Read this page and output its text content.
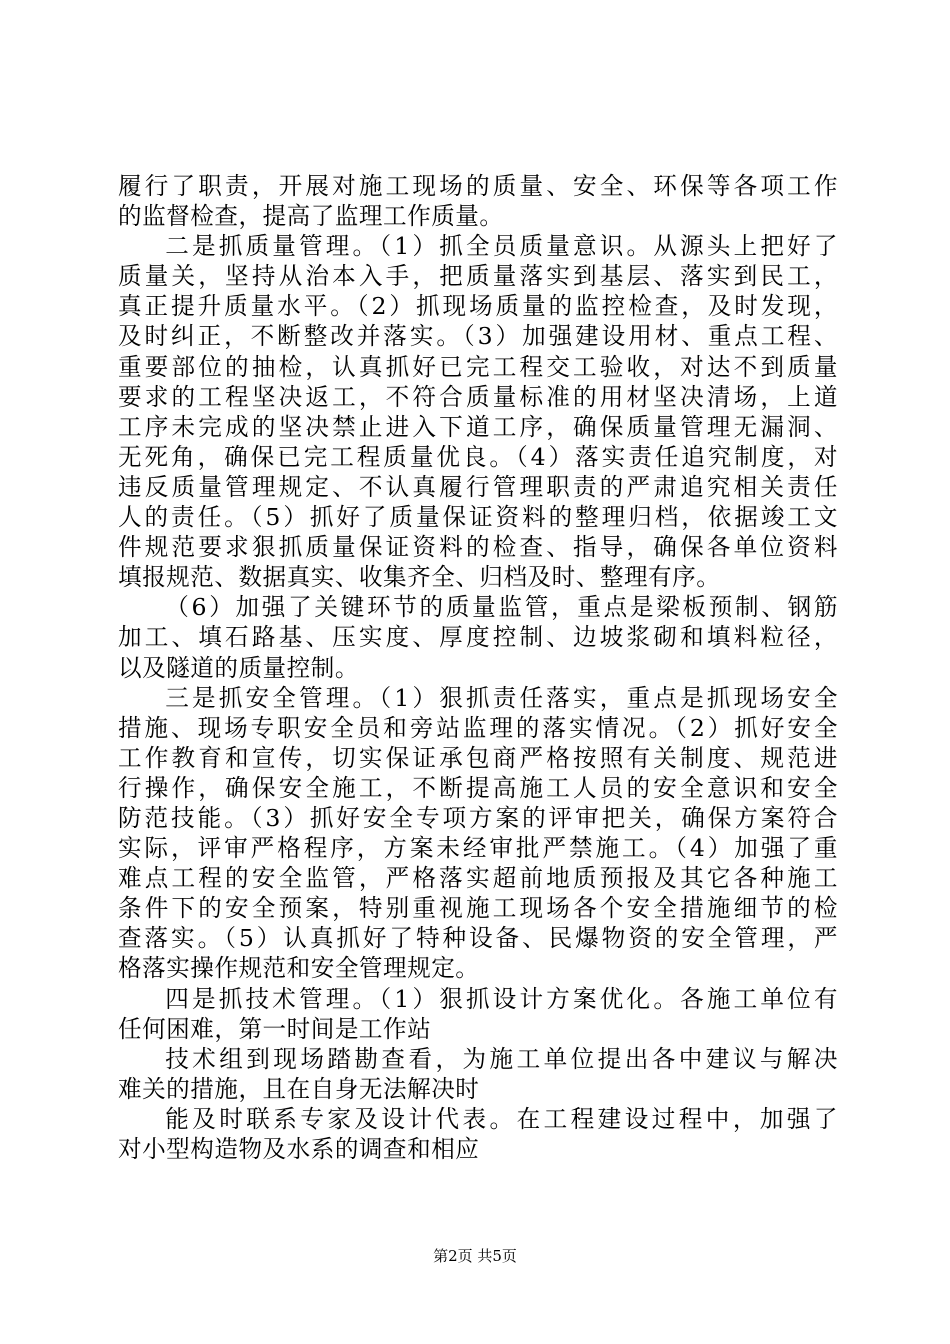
履行了职责，开展对施工现场的质量、安全、环保等各项工作
的监督检查，提高了监理工作质量。
二是抓质量管理。（1）抓全员质量意识。从源头上把好了
质量关，坚持从治本入手，把质量落实到基层、落实到民工，
真正提升质量水平。（2）抓现场质量的监控检查，及时发现，
及时纠正，不断整改并落实。（3）加强建设用材、重点工程、
重要部位的抽检，认真抓好已完工程交工验收，对达不到质量
要求的工程坚决返工，不符合质量标准的用材坚决清场，上道
工序未完成的坚决禁止进入下道工序，确保质量管理无漏洞、
无死角，确保已完工程质量优良。（4）落实责任追究制度，对
违反质量管理规定、不认真履行管理职责的严肃追究相关责任
人的责任。（5）抓好了质量保证资料的整理归档，依据竣工文
件规范要求狠抓质量保证资料的检查、指导，确保各单位资料
填报规范、数据真实、收集齐全、归档及时、整理有序。
（6）加强了关键环节的质量监管，重点是梁板预制、钢筋
加工、填石路基、压实度、厚度控制、边坡浆砌和填料粒径，
以及隧道的质量控制。
三是抓安全管理。（1）狠抓责任落实，重点是抓现场安全
措施、现场专职安全员和旁站监理的落实情况。（2）抓好安全
工作教育和宣传，切实保证承包商严格按照有关制度、规范进
行操作，确保安全施工，不断提高施工人员的安全意识和安全
防范技能。（3）抓好安全专项方案的评审把关，确保方案符合
实际，评审严格程序，方案未经审批严禁施工。（4）加强了重
难点工程的安全监管，严格落实超前地质预报及其它各种施工
条件下的安全预案，特别重视施工现场各个安全措施细节的检
查落实。（5）认真抓好了特种设备、民爆物资的安全管理，严
格落实操作规范和安全管理规定。
四是抓技术管理。（1）狠抓设计方案优化。各施工单位有
任何困难，第一时间是工作站
技术组到现场踏勘查看，为施工单位提出各中建议与解决
难关的措施，且在自身无法解决时
能及时联系专家及设计代表。在工程建设过程中，加强了
对小型构造物及水系的调查和相应
第2页 共5页
